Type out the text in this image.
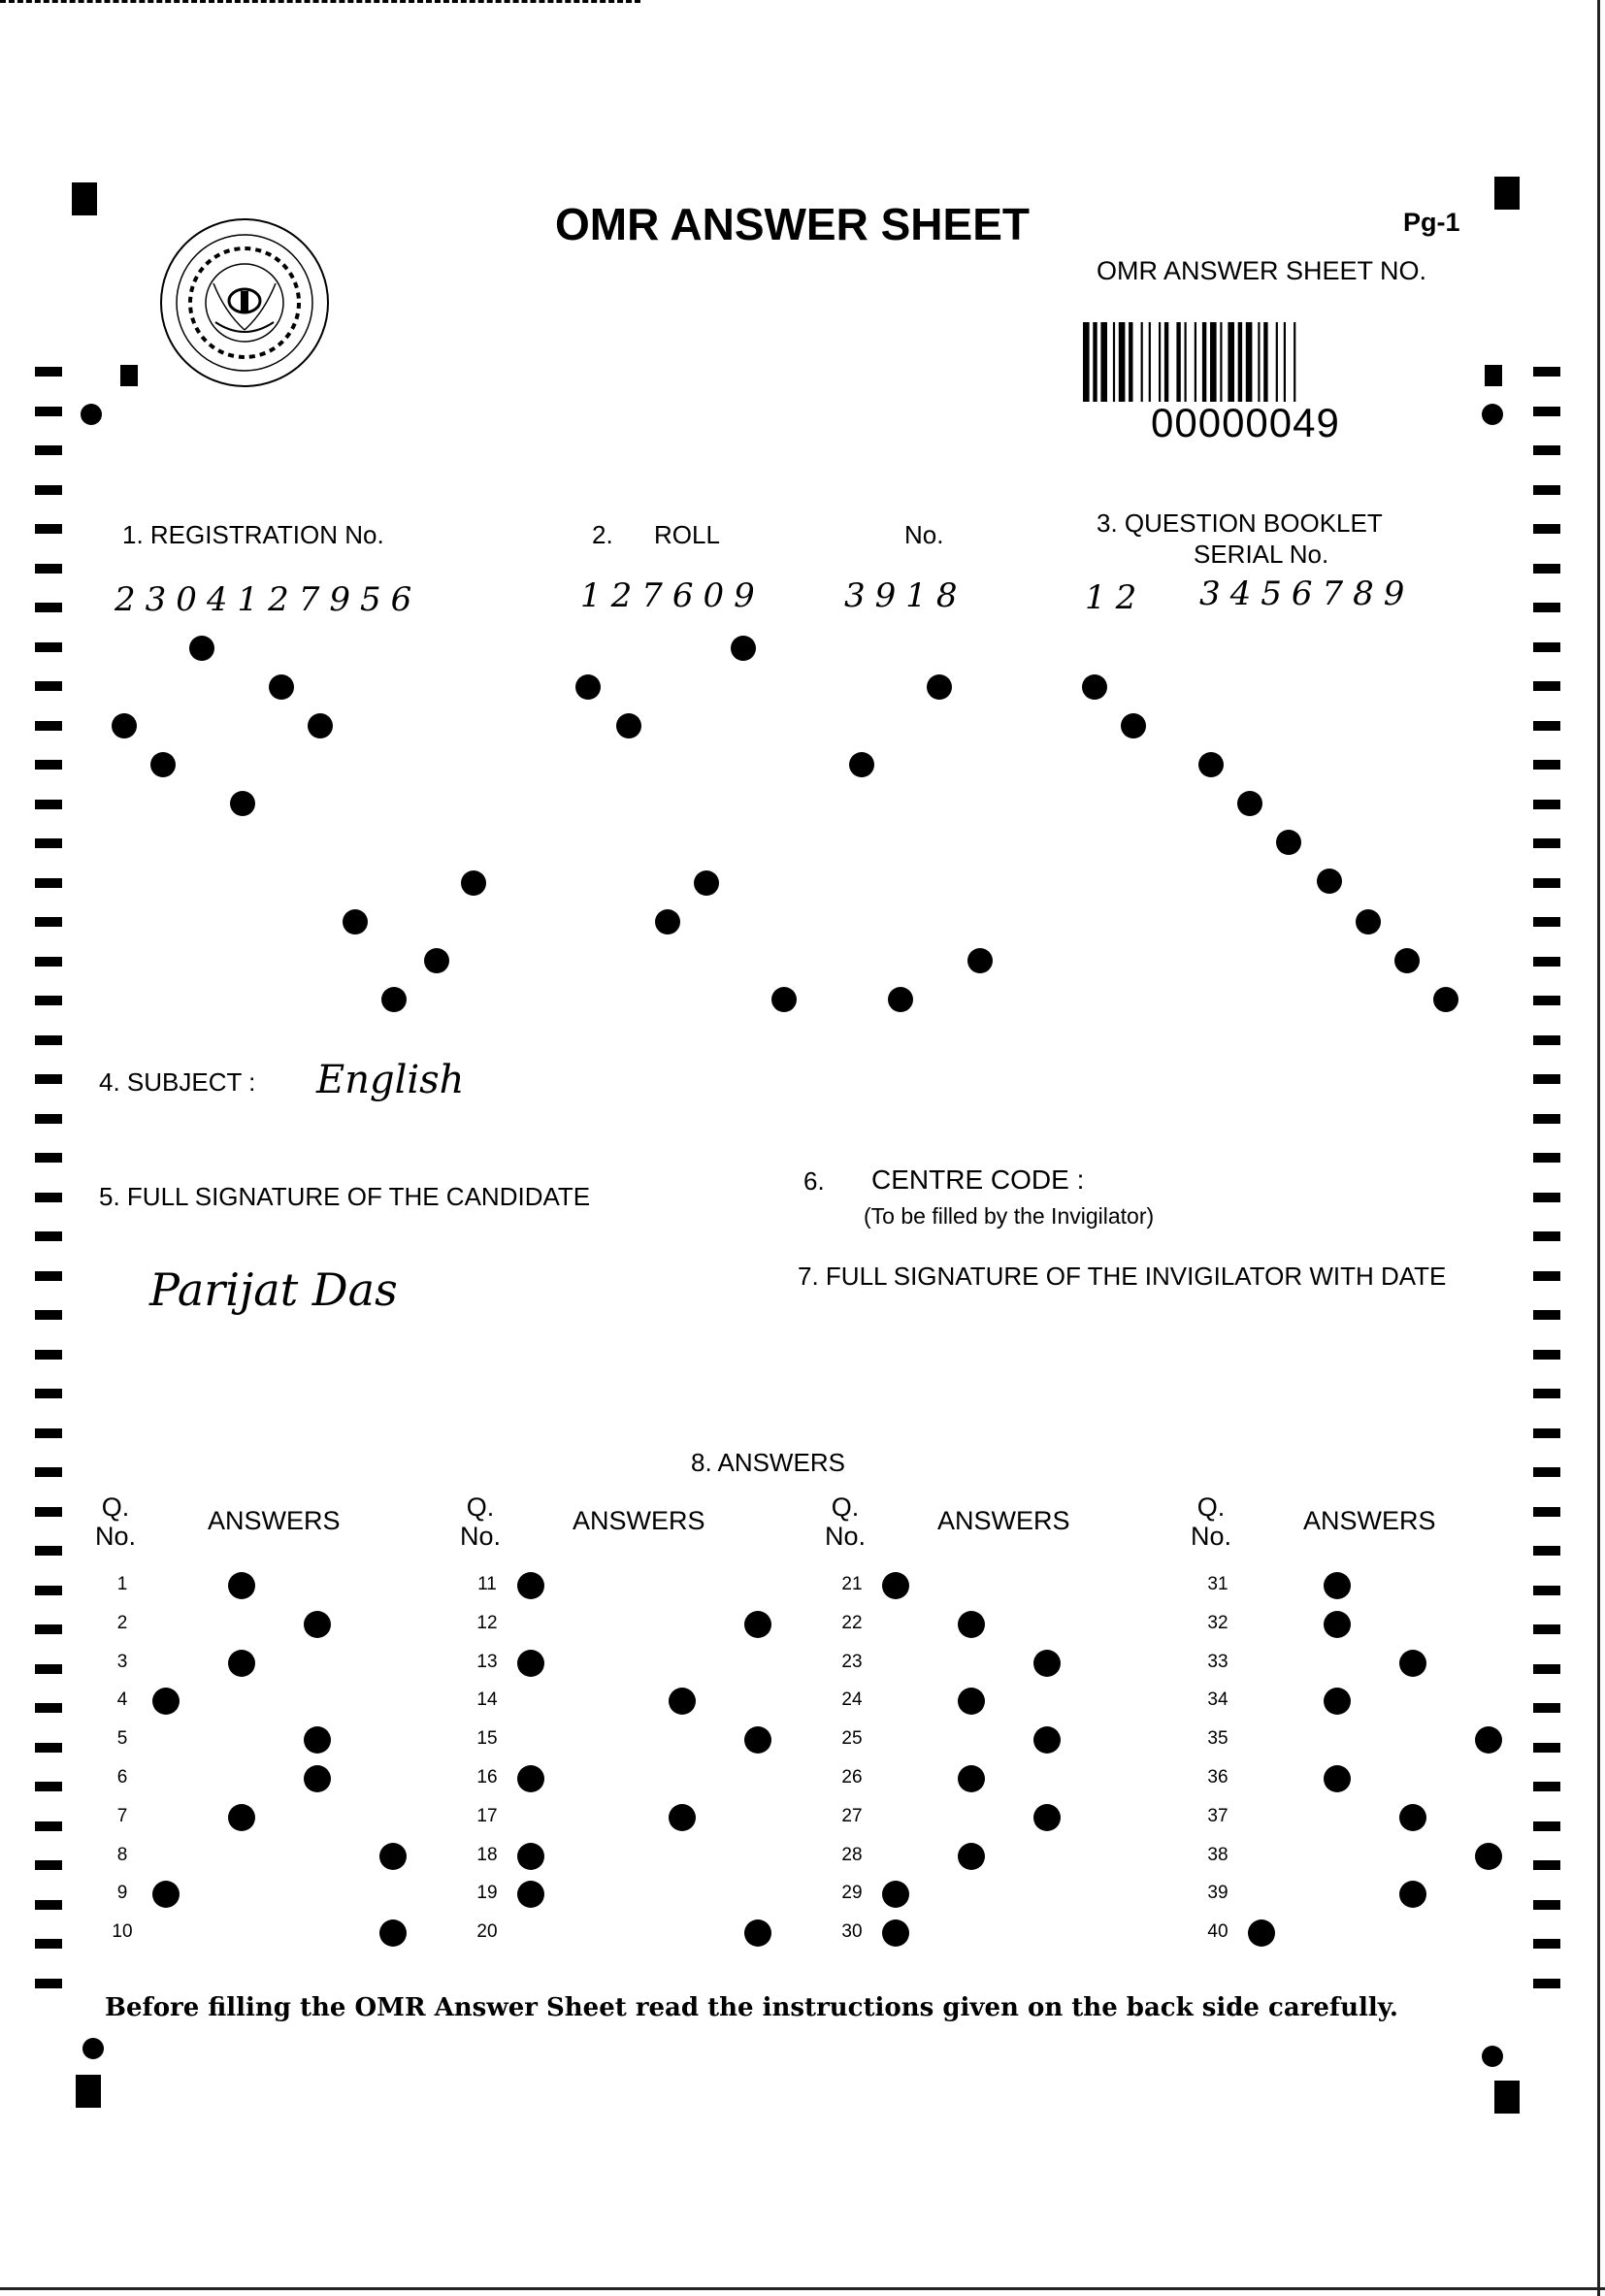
OMR ANSWER SHEET	Pg-1
OMR ANSWER SHEET NO.
00000049
1. REGISTRATION No.	2. ROLL	No.	3. QUESTION BOOKLET
SERIAL No.
2304127956	127609 3918	12 3456789
4. SUBJECT : English
5. FULL SIGNATURE OF THE CANDIDATE
Parijat Das
6. CENTRE CODE :
(To be filled by the Invigilator)
7. FULL SIGNATURE OF THE INVIGILATOR WITH DATE
8. ANSWERS
Q.
No.
ANSWERS	Q.
No.
ANSWERS	Q.
No.
ANSWERS	Q.
No.
ANSWERS
1
2
3
4
5
6
7
8
9
10
11
12
13
14
15
16
17
18
19
20
21
22
23
24
25
26
27
28
29
30
31
32
33
34
35
36
37
38
39
40
Before filling the OMR Answer Sheet read the instructions given on the back side carefully.
